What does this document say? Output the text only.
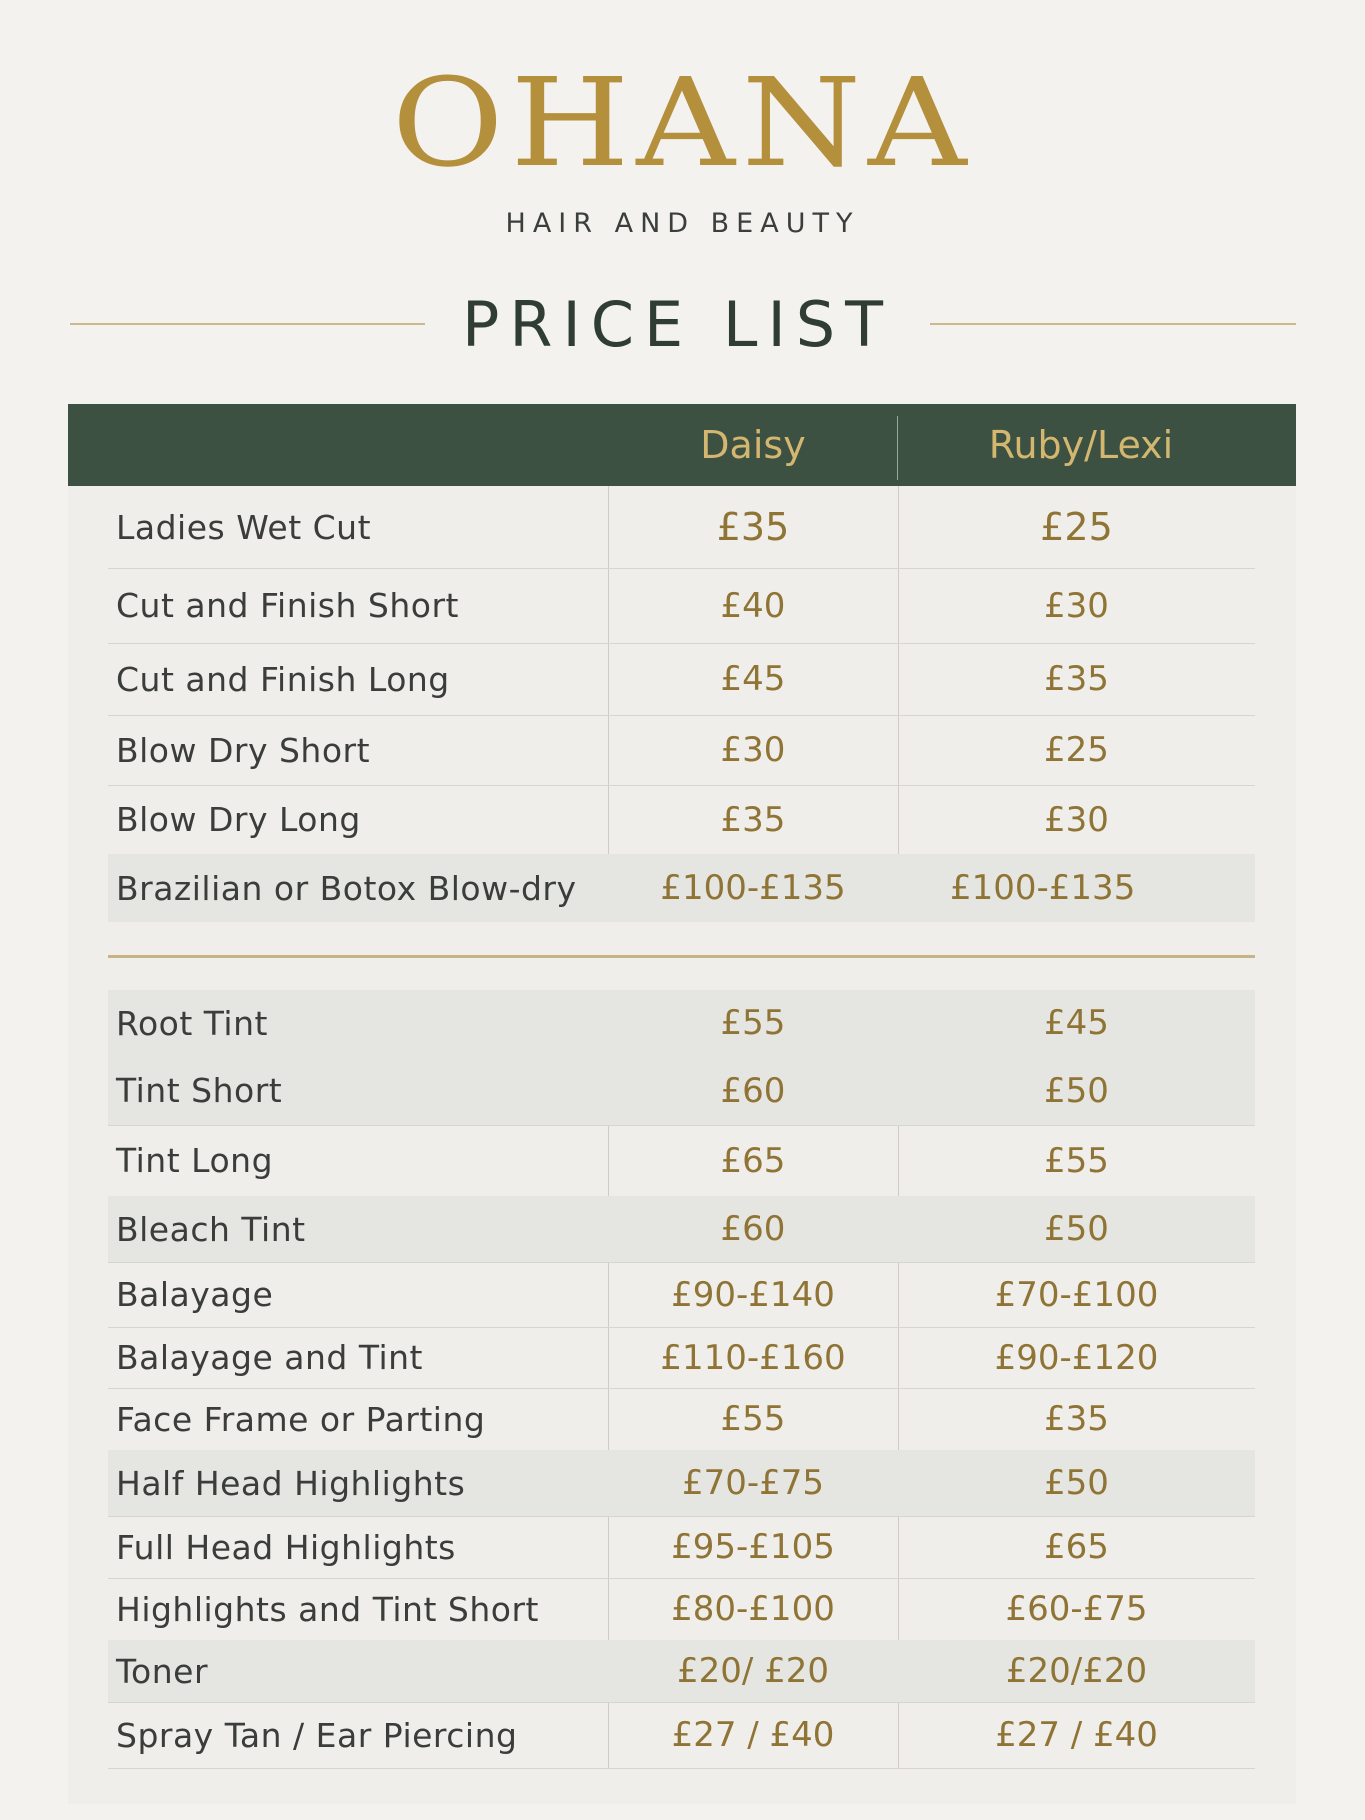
OHANA
HAIR AND BEAUTY
PRICE LIST
Daisy	Ruby/Lexi
Ladies Wet Cut	£35	£25
Cut and Finish Short	£40	£30
Cut and Finish Long	£45	£35
Blow Dry Short	£30	£25
Blow Dry Long	£35	£30
Brazilian or Botox Blow-dry	£100-£135	£100-£135
Root Tint	£55	£45
Tint Short	£60	£50
Tint Long	£65	£55
Bleach Tint	£60	£50
Balayage	£90-£140	£70-£100
Balayage and Tint	£110-£160	£90-£120
Face Frame or Parting	£55	£35
Half Head Highlights	£70-£75	£50
Full Head Highlights	£95-£105	£65
Highlights and Tint Short	£80-£100	£60-£75
Toner	£20/ £20	£20/£20
Spray Tan / Ear Piercing	£27 / £40	£27 / £40
